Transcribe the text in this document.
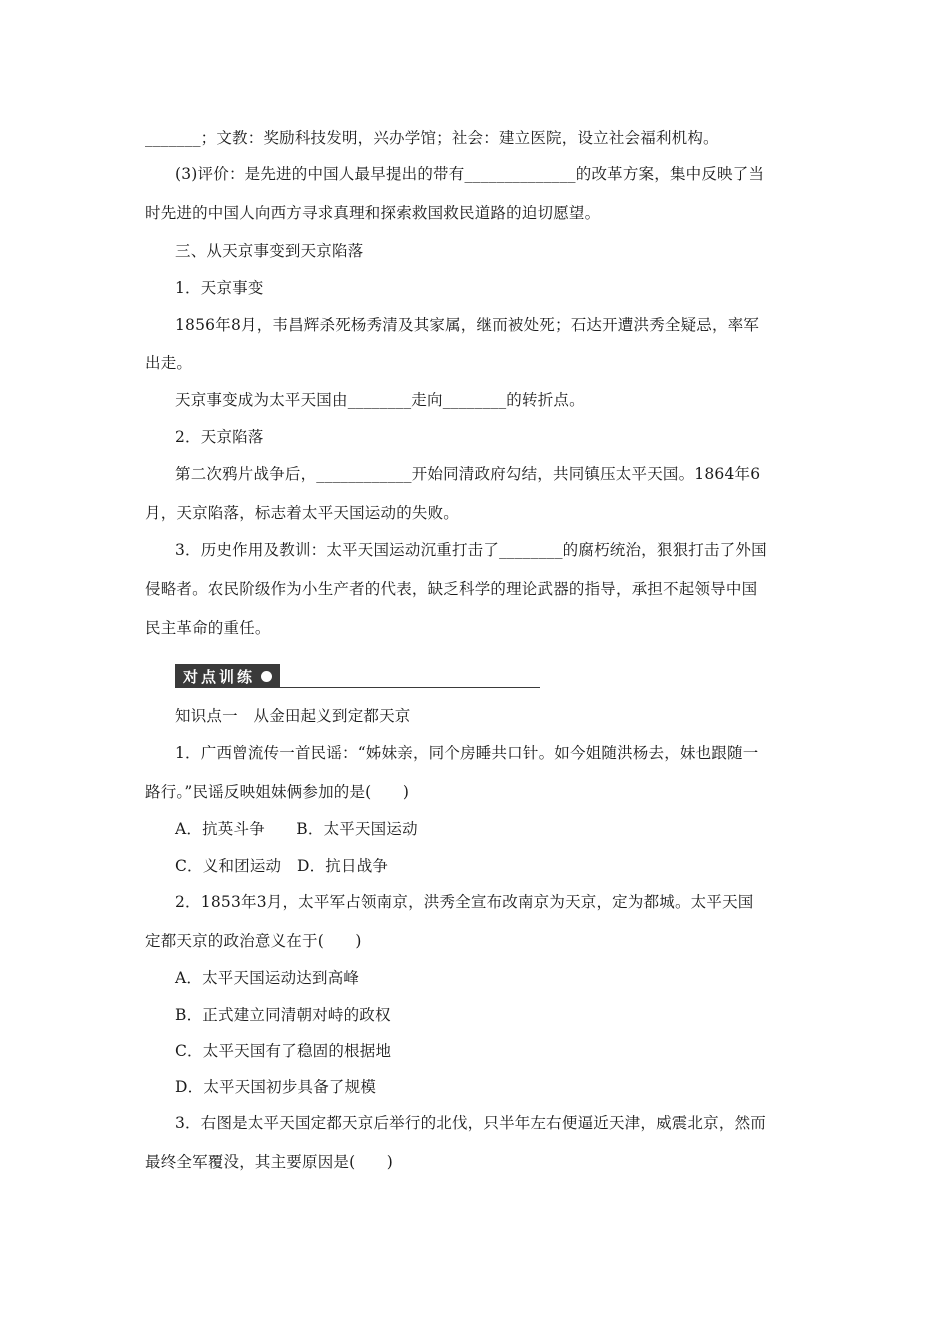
_______；文教：奖励科技发明，兴办学馆；社会：建立医院，设立社会福利机构。
(3)评价：是先进的中国人最早提出的带有______________的改革方案，集中反映了当
时先进的中国人向西方寻求真理和探索救国救民道路的迫切愿望。
三、从天京事变到天京陷落
1．天京事变
1856年8月，韦昌辉杀死杨秀清及其家属，继而被处死；石达开遭洪秀全疑忌，率军
出走。
天京事变成为太平天国由________走向________的转折点。
2．天京陷落
第二次鸦片战争后，____________开始同清政府勾结，共同镇压太平天国。1864年6
月，天京陷落，标志着太平天国运动的失败。
3．历史作用及教训：太平天国运动沉重打击了________的腐朽统治，狠狠打击了外国
侵略者。农民阶级作为小生产者的代表，缺乏科学的理论武器的指导，承担不起领导中国
民主革命的重任。
对点训练
知识点一　从金田起义到定都天京
1．广西曾流传一首民谣：“姊妹亲，同个房睡共口针。如今姐随洪杨去，妹也跟随一
路行。”民谣反映姐妹俩参加的是(　　)
A．抗英斗争　　B．太平天国运动
C．义和团运动　D．抗日战争
2．1853年3月，太平军占领南京，洪秀全宣布改南京为天京，定为都城。太平天国
定都天京的政治意义在于(　　)
A．太平天国运动达到高峰
B．正式建立同清朝对峙的政权
C．太平天国有了稳固的根据地
D．太平天国初步具备了规模
3．右图是太平天国定都天京后举行的北伐，只半年左右便逼近天津，威震北京，然而
最终全军覆没，其主要原因是(　　)
